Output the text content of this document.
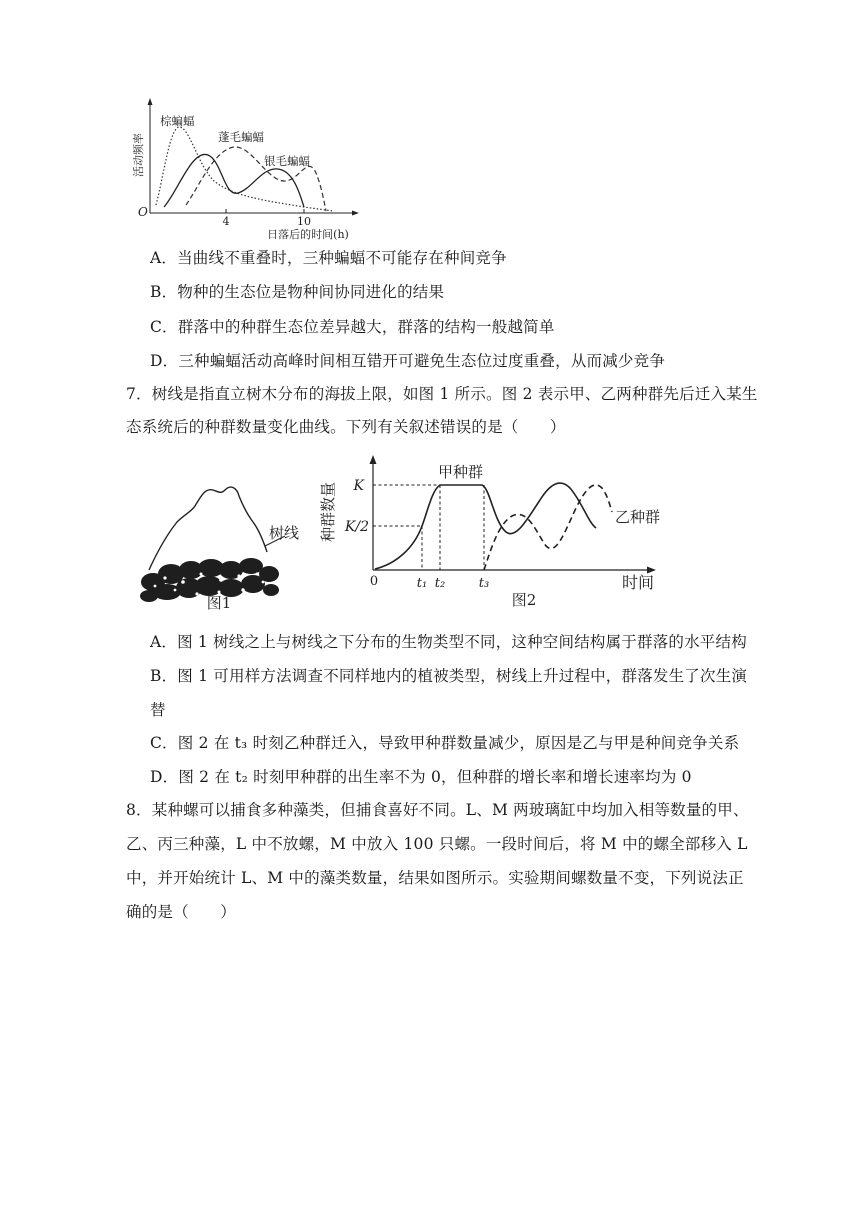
活动频率
O
4	10
日落后的时间(h)
棕蝙蝠
蓬毛蝙蝠
银毛蝙蝠
A．当曲线不重叠时，三种蝙蝠不可能存在种间竞争
B．物种的生态位是物种间协同进化的结果
C．群落中的种群生态位差异越大，群落的结构一般越简单
D．三种蝙蝠活动高峰时间相互错开可避免生态位过度重叠，从而减少竞争
7．树线是指直立树木分布的海拔上限，如图 1 所示。图 2 表示甲、乙两种群先后迁入某生
态系统后的种群数量变化曲线。下列有关叙述错误的是（　　）
树线
图1
种群数量 K
K/2
0	t₁ t₂	t₃	时间
甲种群
乙种群
图2
A．图 1 树线之上与树线之下分布的生物类型不同，这种空间结构属于群落的水平结构
B．图 1 可用样方法调查不同样地内的植被类型，树线上升过程中，群落发生了次生演
替
C．图 2 在 t₃ 时刻乙种群迁入，导致甲种群数量减少，原因是乙与甲是种间竞争关系
D．图 2 在 t₂ 时刻甲种群的出生率不为 0，但种群的增长率和增长速率均为 0
8．某种螺可以捕食多种藻类，但捕食喜好不同。L、M 两玻璃缸中均加入相等数量的甲、
乙、丙三种藻，L 中不放螺，M 中放入 100 只螺。一段时间后，将 M 中的螺全部移入 L
中，并开始统计 L、M 中的藻类数量，结果如图所示。实验期间螺数量不变，下列说法正
确的是（　　）
